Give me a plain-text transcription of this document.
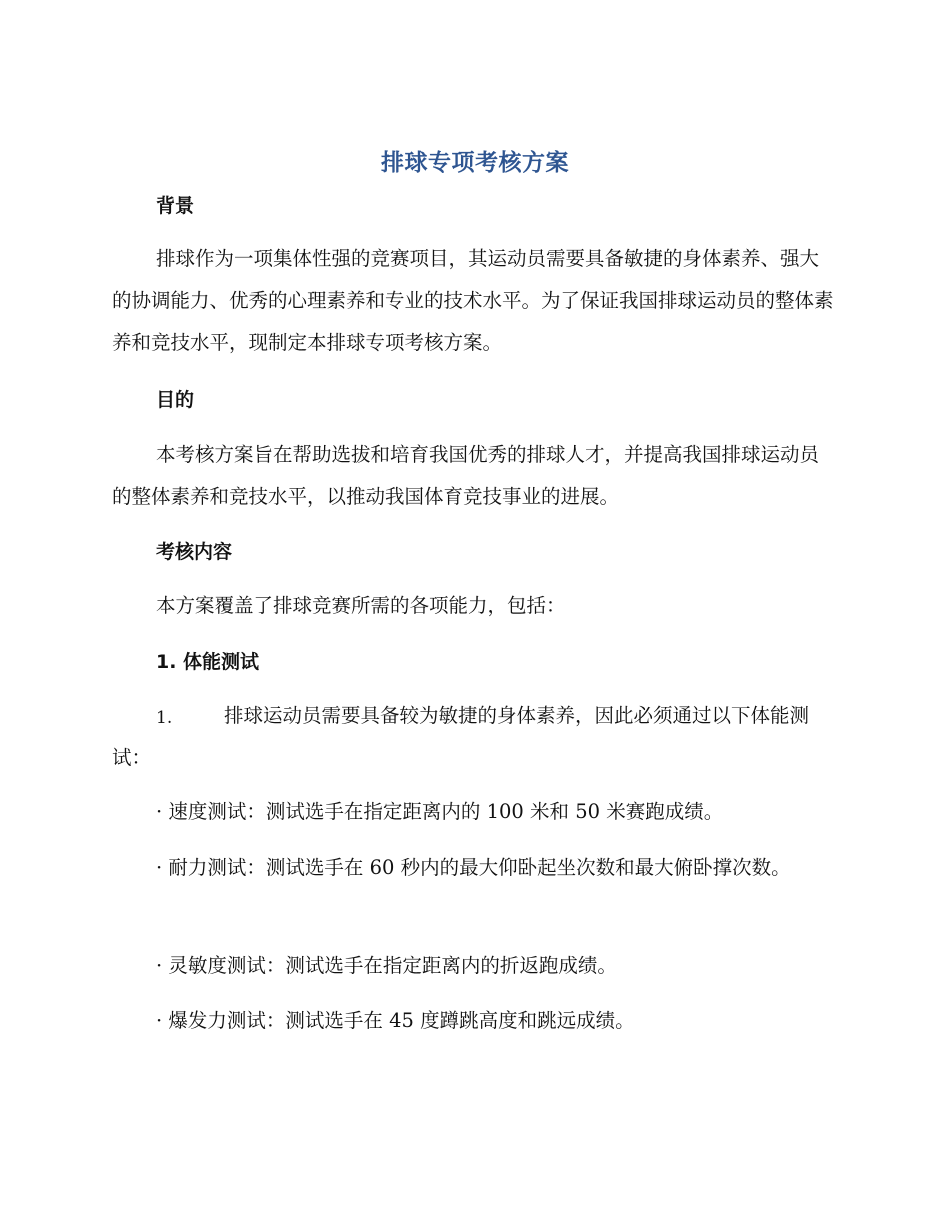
排球专项考核方案
背景

排球作为一项集体性强的竞赛项目，其运动员需要具备敏捷的身体素养、强大的协调能力、优秀的心理素养和专业的技术水平。为了保证我国排球运动员的整体素养和竞技水平，现制定本排球专项考核方案。

目的

本考核方案旨在帮助选拔和培育我国优秀的排球人才，并提高我国排球运动员的整体素养和竞技水平，以推动我国体育竞技事业的进展。

考核内容

本方案覆盖了排球竞赛所需的各项能力，包括：

1. 体能测试

排球运动员需要具备较为敏捷的身体素养，因此必须通过以下体能测试：

1.

· 速度测试：测试选手在指定距离内的 100 米和 50 米赛跑成绩。

· 耐力测试：测试选手在 60 秒内的最大仰卧起坐次数和最大俯卧撑次数。

· 灵敏度测试：测试选手在指定距离内的折返跑成绩。

· 爆发力测试：测试选手在 45 度蹲跳高度和跳远成绩。
